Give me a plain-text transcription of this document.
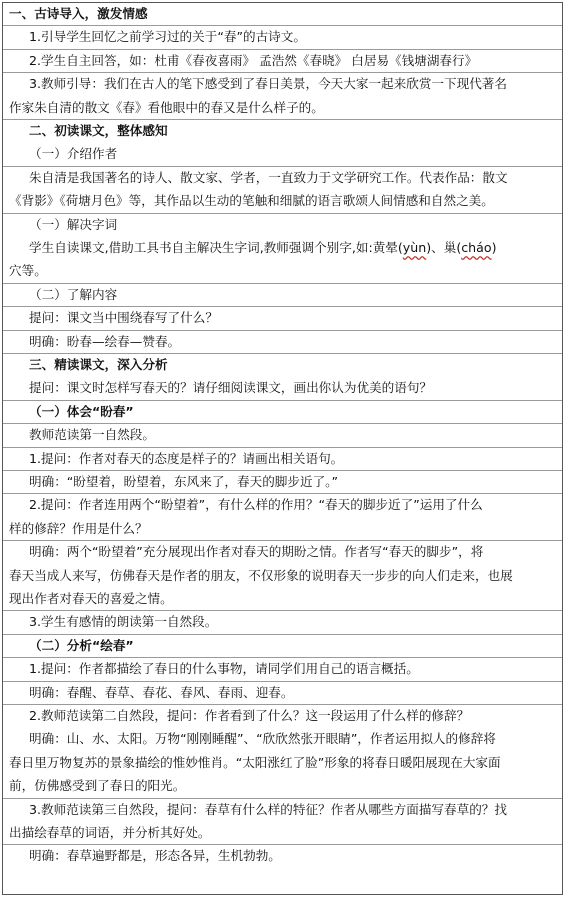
一、古诗导入，激发情感
1.引导学生回忆之前学习过的关于“春”的古诗文。
2.学生自主回答，如：杜甫《春夜喜雨》 孟浩然《春晓》 白居易《钱塘湖春行》
3.教师引导：我们在古人的笔下感受到了春日美景，今天大家一起来欣赏一下现代著名
作家朱自清的散文《春》看他眼中的春又是什么样子的。
二、初读课文，整体感知
（一）介绍作者
朱自清是我国著名的诗人、散文家、学者，一直致力于文学研究工作。代表作品：散文
《背影》《荷塘月色》等，其作品以生动的笔触和细腻的语言歌颂人间情感和自然之美。
（一）解决字词
学生自读课文,借助工具书自主解决生字词,教师强调个别字,如:黄晕(yùn)、巢(cháo)
穴等。
（二）了解内容
提问：课文当中围绕春写了什么？
明确：盼春—绘春—赞春。
三、精读课文，深入分析
提问：课文时怎样写春天的？请仔细阅读课文，画出你认为优美的语句？
（一）体会“盼春”
教师范读第一自然段。
1.提问：作者对春天的态度是样子的？请画出相关语句。
明确：“盼望着，盼望着，东风来了，春天的脚步近了。”
2.提问：作者连用两个“盼望着”，有什么样的作用？“春天的脚步近了”运用了什么
样的修辞？作用是什么？
明确：两个“盼望着”充分展现出作者对春天的期盼之情。作者写“春天的脚步”，将
春天当成人来写，仿佛春天是作者的朋友，不仅形象的说明春天一步步的向人们走来，也展
现出作者对春天的喜爱之情。
3.学生有感情的朗读第一自然段。
（二）分析“绘春”
1.提问：作者都描绘了春日的什么事物，请同学们用自己的语言概括。
明确：春醒、春草、春花、春风、春雨、迎春。
2.教师范读第二自然段，提问：作者看到了什么？这一段运用了什么样的修辞？
明确：山、水、太阳。万物“刚刚睡醒”、“欣欣然张开眼睛”，作者运用拟人的修辞将
春日里万物复苏的景象描绘的惟妙惟肖。“太阳涨红了脸”形象的将春日暖阳展现在大家面
前，仿佛感受到了春日的阳光。
3.教师范读第三自然段，提问：春草有什么样的特征？作者从哪些方面描写春草的？找
出描绘春草的词语，并分析其好处。
明确：春草遍野都是，形态各异，生机勃勃。
